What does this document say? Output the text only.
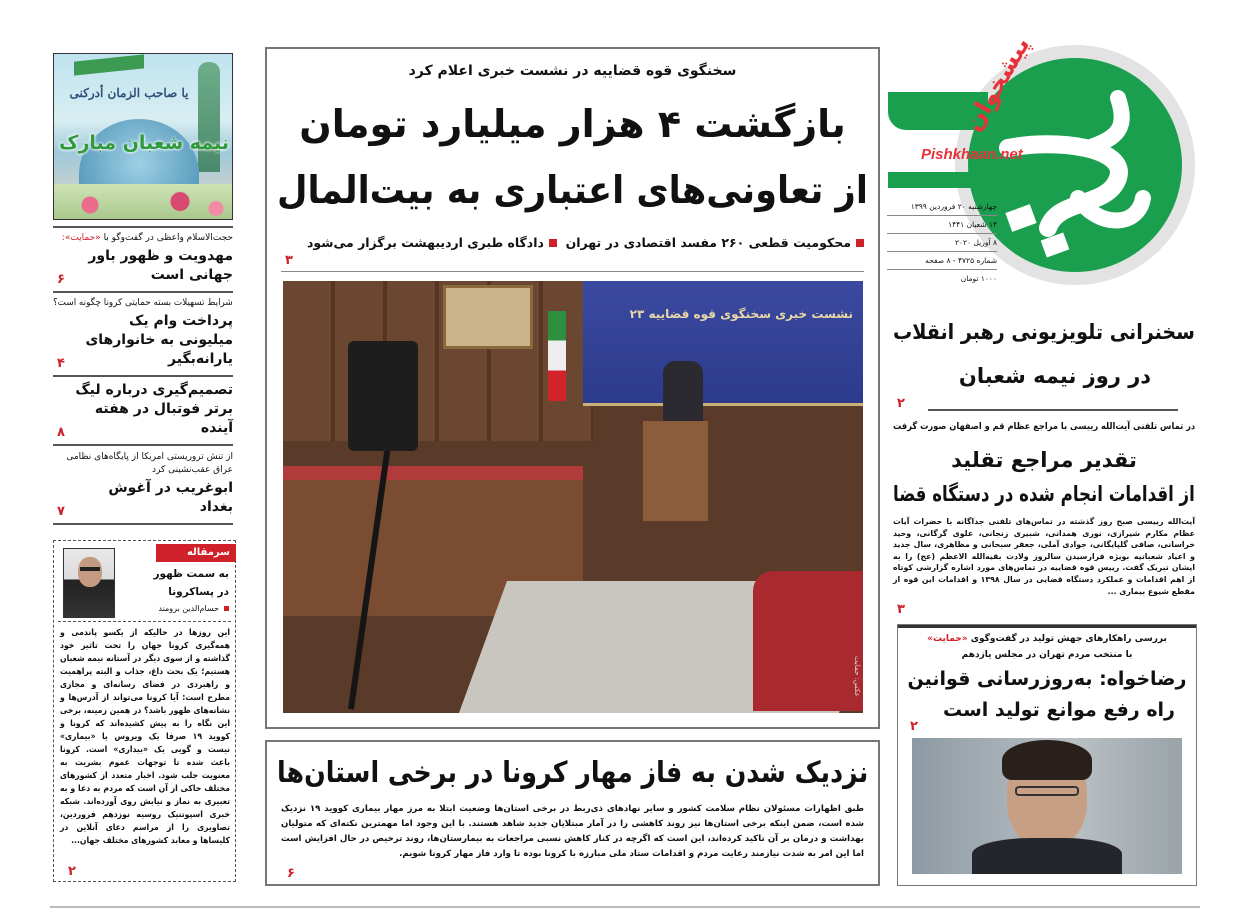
یا صاحب الزمان أدرکنی
نیمه شعبان مبارک
حجت‌الاسلام واعظی در گفت‌وگو با «حمایت»:
مهدویت و ظهور باور جهانی است
۶
شرایط تسهیلات بسته حمایتی کرونا چگونه است؟
پرداخت وام یک میلیونی به خانوارهای یارانه‌بگیر
۴
تصمیم‌گیری درباره لیگ برتر فوتبال در هفته آینده
۸
از تنش تروریستی امریکا از پایگاه‌های نظامی عراق عقب‌نشینی کرد
ابوغریب در آغوش بغداد
۷
سرمقاله
به سمت ظهور
در پساکرونا
حسام‌الدین برومند
این روزها در حالیکه از یکسو پاندمی و همه‌گیری کرونا جهان را تحت تاثیر خود گذاشته و از سوی دیگر در آستانه نیمه شعبان هستیم؛ یک بحث داغ، جذاب و البته پراهمیت و راهبردی در فضای رسانه‌ای و مجازی مطرح است: آیا کرونا می‌تواند از آدرس‌ها و نشانه‌های ظهور باشد؟ در همین زمینه، برخی این نگاه را به پیش کشیده‌اند که کرونا و کووید ۱۹ صرفا یک ویروس یا «بیماری» نیست و گویی یک «بیداری» است. کرونا باعث شده تا توجهات عموم بشریت به معنویت جلب شود. اخبار متعدد از کشورهای مختلف حاکی از آن است که مردم به دعا و به تعبیری به نماز و نیایش روی آورده‌اند. شبکه خبری اسپوتنیک روسیه نوزدهم فروردین، تصاویری را از مراسم دعای آنلاین در کلیساها و معابد کشورهای مختلف جهان...
۲
سخنگوی قوه قضاییه در نشست خبری اعلام کرد
بازگشت ۴ هزار میلیارد تومان
از تعاونی‌های اعتباری به بیت‌المال
محکومیت قطعی ۲۶۰ مفسد اقتصادی در تهران
دادگاه طبری اردیبهشت برگزار می‌شود
۳
نشست خبری سخنگوی قوه قضاییه ۲۳
عکس: حمایت
نزدیک شدن به فاز مهار کرونا در برخی استان‌ها
طبق اظهارات مسئولان نظام سلامت کشور و سایر نهادهای ذی‌ربط در برخی استان‌ها وضعیت ابتلا به مرز مهار بیماری کووید ۱۹ نزدیک شده است، ضمن اینکه برخی استان‌ها نیز روند کاهشی را در آمار مبتلایان جدید شاهد هستند. با این وجود اما مهمترین نکته‌ای که متولیان بهداشت و درمان بر آن تاکید کرده‌اند، این است که اگرچه در کنار کاهش نسبی مراجعات به بیمارستان‌ها، روند ترخیص در حال افزایش است اما این امر به شدت نیازمند رعایت مردم و اقدامات ستاد ملی مبارزه با کرونا بوده تا وارد فاز مهار کرونا شویم.
۶
پیشخوان
Pishkhaan.net
چهارشنبه ۲۰ فروردین ۱۳۹۹
۱۴ شعبان ۱۴۴۱
۸ آوریل ۲۰۲۰
شماره ۴۷۲۵ - ۸ صفحه
۱۰۰۰ تومان
سخنرانی تلویزیونی رهبر انقلاب
در روز نیمه شعبان
۲
در تماس تلفنی آیت‌الله رییسی با مراجع عظام قم و اصفهان صورت گرفت
تقدیر مراجع تقلید
از اقدامات انجام شده در دستگاه قضا
آیت‌الله رییسی صبح روز گذشته در تماس‌های تلفنی جداگانه با حضرات آیات عظام مکارم شیرازی، نوری همدانی، شبیری زنجانی، علوی گرگانی، وحید خراسانی، صافی گلپایگانی، جوادی آملی، جعفر سبحانی و مظاهری، سال جدید و اعیاد شعبانیه بویژه فرارسیدن سالروز ولادت بقیه‌الله الاعظم (عج) را به ایشان تبریک گفت. رییس قوه قضاییه در تماس‌های مورد اشاره گزارشی کوتاه از اهم اقدامات و عملکرد دستگاه قضایی در سال ۱۳۹۸ و اقدامات این قوه از مقطع شیوع بیماری ...
۳
بررسی راهکارهای جهش تولید در گفت‌وگوی «حمایت»
با منتخب مردم تهران در مجلس یازدهم
رضاخواه: به‌روزرسانی قوانین
راه رفع موانع تولید است
۲
